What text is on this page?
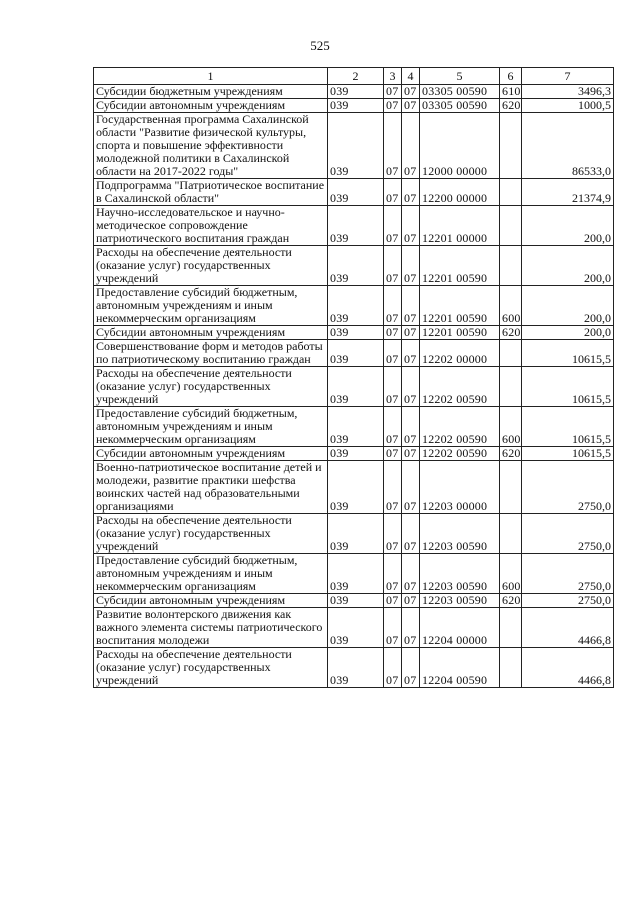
525
1	2	3	4	5	6	7
Субсидии бюджетным учреждениям	039	07	07	03305 00590	610	3496,3
Субсидии автономным учреждениям	039	07	07	03305 00590	620	1000,5
Государственная программа Сахалинской области "Развитие физической культуры, спорта и повышение эффективности молодежной политики в Сахалинской области на 2017-2022 годы"	039	07	07	12000 00000		86533,0
Подпрограмма "Патриотическое воспитание в Сахалинской области"	039	07	07	12200 00000		21374,9
Научно-исследовательское и научно-методическое сопровождение патриотического воспитания граждан	039	07	07	12201 00000		200,0
Расходы на обеспечение деятельности (оказание услуг) государственных учреждений	039	07	07	12201 00590		200,0
Предоставление субсидий бюджетным, автономным учреждениям и иным некоммерческим организациям	039	07	07	12201 00590	600	200,0
Субсидии автономным учреждениям	039	07	07	12201 00590	620	200,0
Совершенствование форм и методов работы по патриотическому воспитанию граждан	039	07	07	12202 00000		10615,5
Расходы на обеспечение деятельности (оказание услуг) государственных учреждений	039	07	07	12202 00590		10615,5
Предоставление субсидий бюджетным, автономным учреждениям и иным некоммерческим организациям	039	07	07	12202 00590	600	10615,5
Субсидии автономным учреждениям	039	07	07	12202 00590	620	10615,5
Военно-патриотическое воспитание детей и молодежи, развитие практики шефства воинских частей над образовательными организациями	039	07	07	12203 00000		2750,0
Расходы на обеспечение деятельности (оказание услуг) государственных учреждений	039	07	07	12203 00590		2750,0
Предоставление субсидий бюджетным, автономным учреждениям и иным некоммерческим организациям	039	07	07	12203 00590	600	2750,0
Субсидии автономным учреждениям	039	07	07	12203 00590	620	2750,0
Развитие волонтерского движения как важного элемента системы патриотического воспитания молодежи	039	07	07	12204 00000		4466,8
Расходы на обеспечение деятельности (оказание услуг) государственных учреждений	039	07	07	12204 00590		4466,8
